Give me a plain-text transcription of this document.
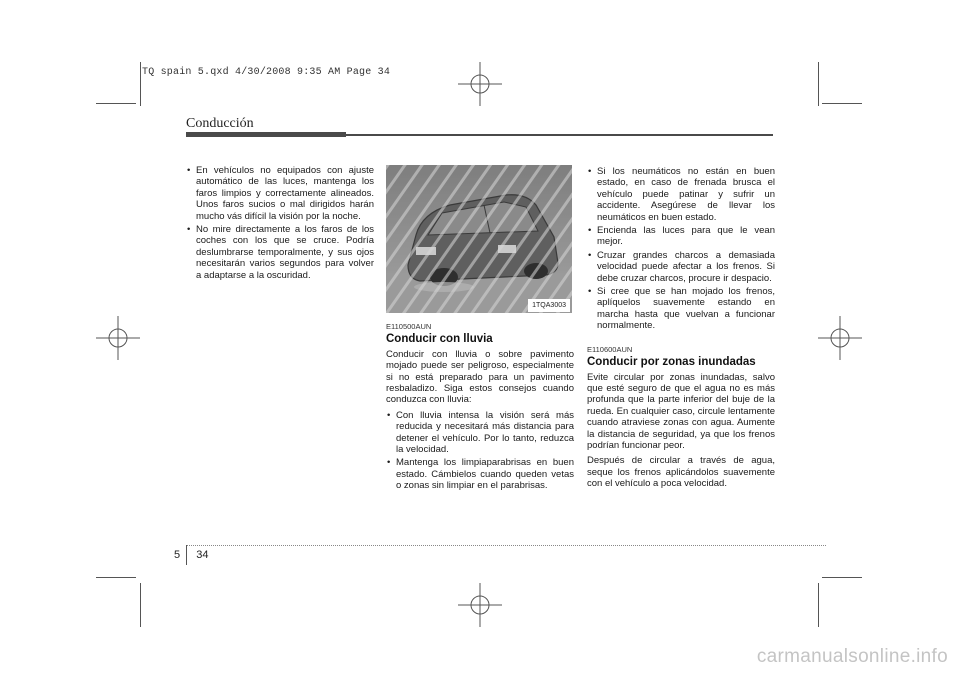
TQ spain 5.qxd 4/30/2008 9:35 AM Page 34
Conducción
• En vehículos no equipados con ajuste automático de las luces, mantenga los faros limpios y correctamente alineados. Unos faros sucios o mal dirigidos harán mucho vás difícil la visión por la noche.
• No mire directamente a los faros de los coches con los que se cruce. Podría deslumbrarse temporalmente, y sus ojos necesitarán varios segundos para volver a adaptarse a la oscuridad.
1TQA3003
E110500AUN
Conducir con lluvia

Conducir con lluvia o sobre pavimento mojado puede ser peligroso, especialmente si no está preparado para un pavimento resbaladizo. Siga estos consejos cuando conduzca con lluvia:

• Con lluvia intensa la visión será más reducida y necesitará más distancia para detener el vehículo. Por lo tanto, reduzca la velocidad.
• Mantenga los limpiaparabrisas en buen estado. Cámbielos cuando queden vetas o zonas sin limpiar en el parabrisas.
• Si los neumáticos no están en buen estado, en caso de frenada brusca el vehículo puede patinar y sufrir un accidente. Asegúrese de llevar los neumáticos en buen estado.
• Encienda las luces para que le vean mejor.
• Cruzar grandes charcos a demasiada velocidad puede afectar a los frenos. Si debe cruzar charcos, procure ir despacio.
• Si cree que se han mojado los frenos, aplíquelos suavemente estando en marcha hasta que vuelvan a funcionar normalmente.
E110600AUN
Conducir por zonas inundadas

Evite circular por zonas inundadas, salvo que esté seguro de que el agua no es más profunda que la parte inferior del buje de la rueda. En cualquier caso, circule lentamente cuando atraviese zonas con agua. Aumente la distancia de seguridad, ya que los frenos podrían funcionar peor.

Después de circular a través de agua, seque los frenos aplicándolos suavemente con el vehículo a poca velocidad.

5 34
carmanualsonline.info
